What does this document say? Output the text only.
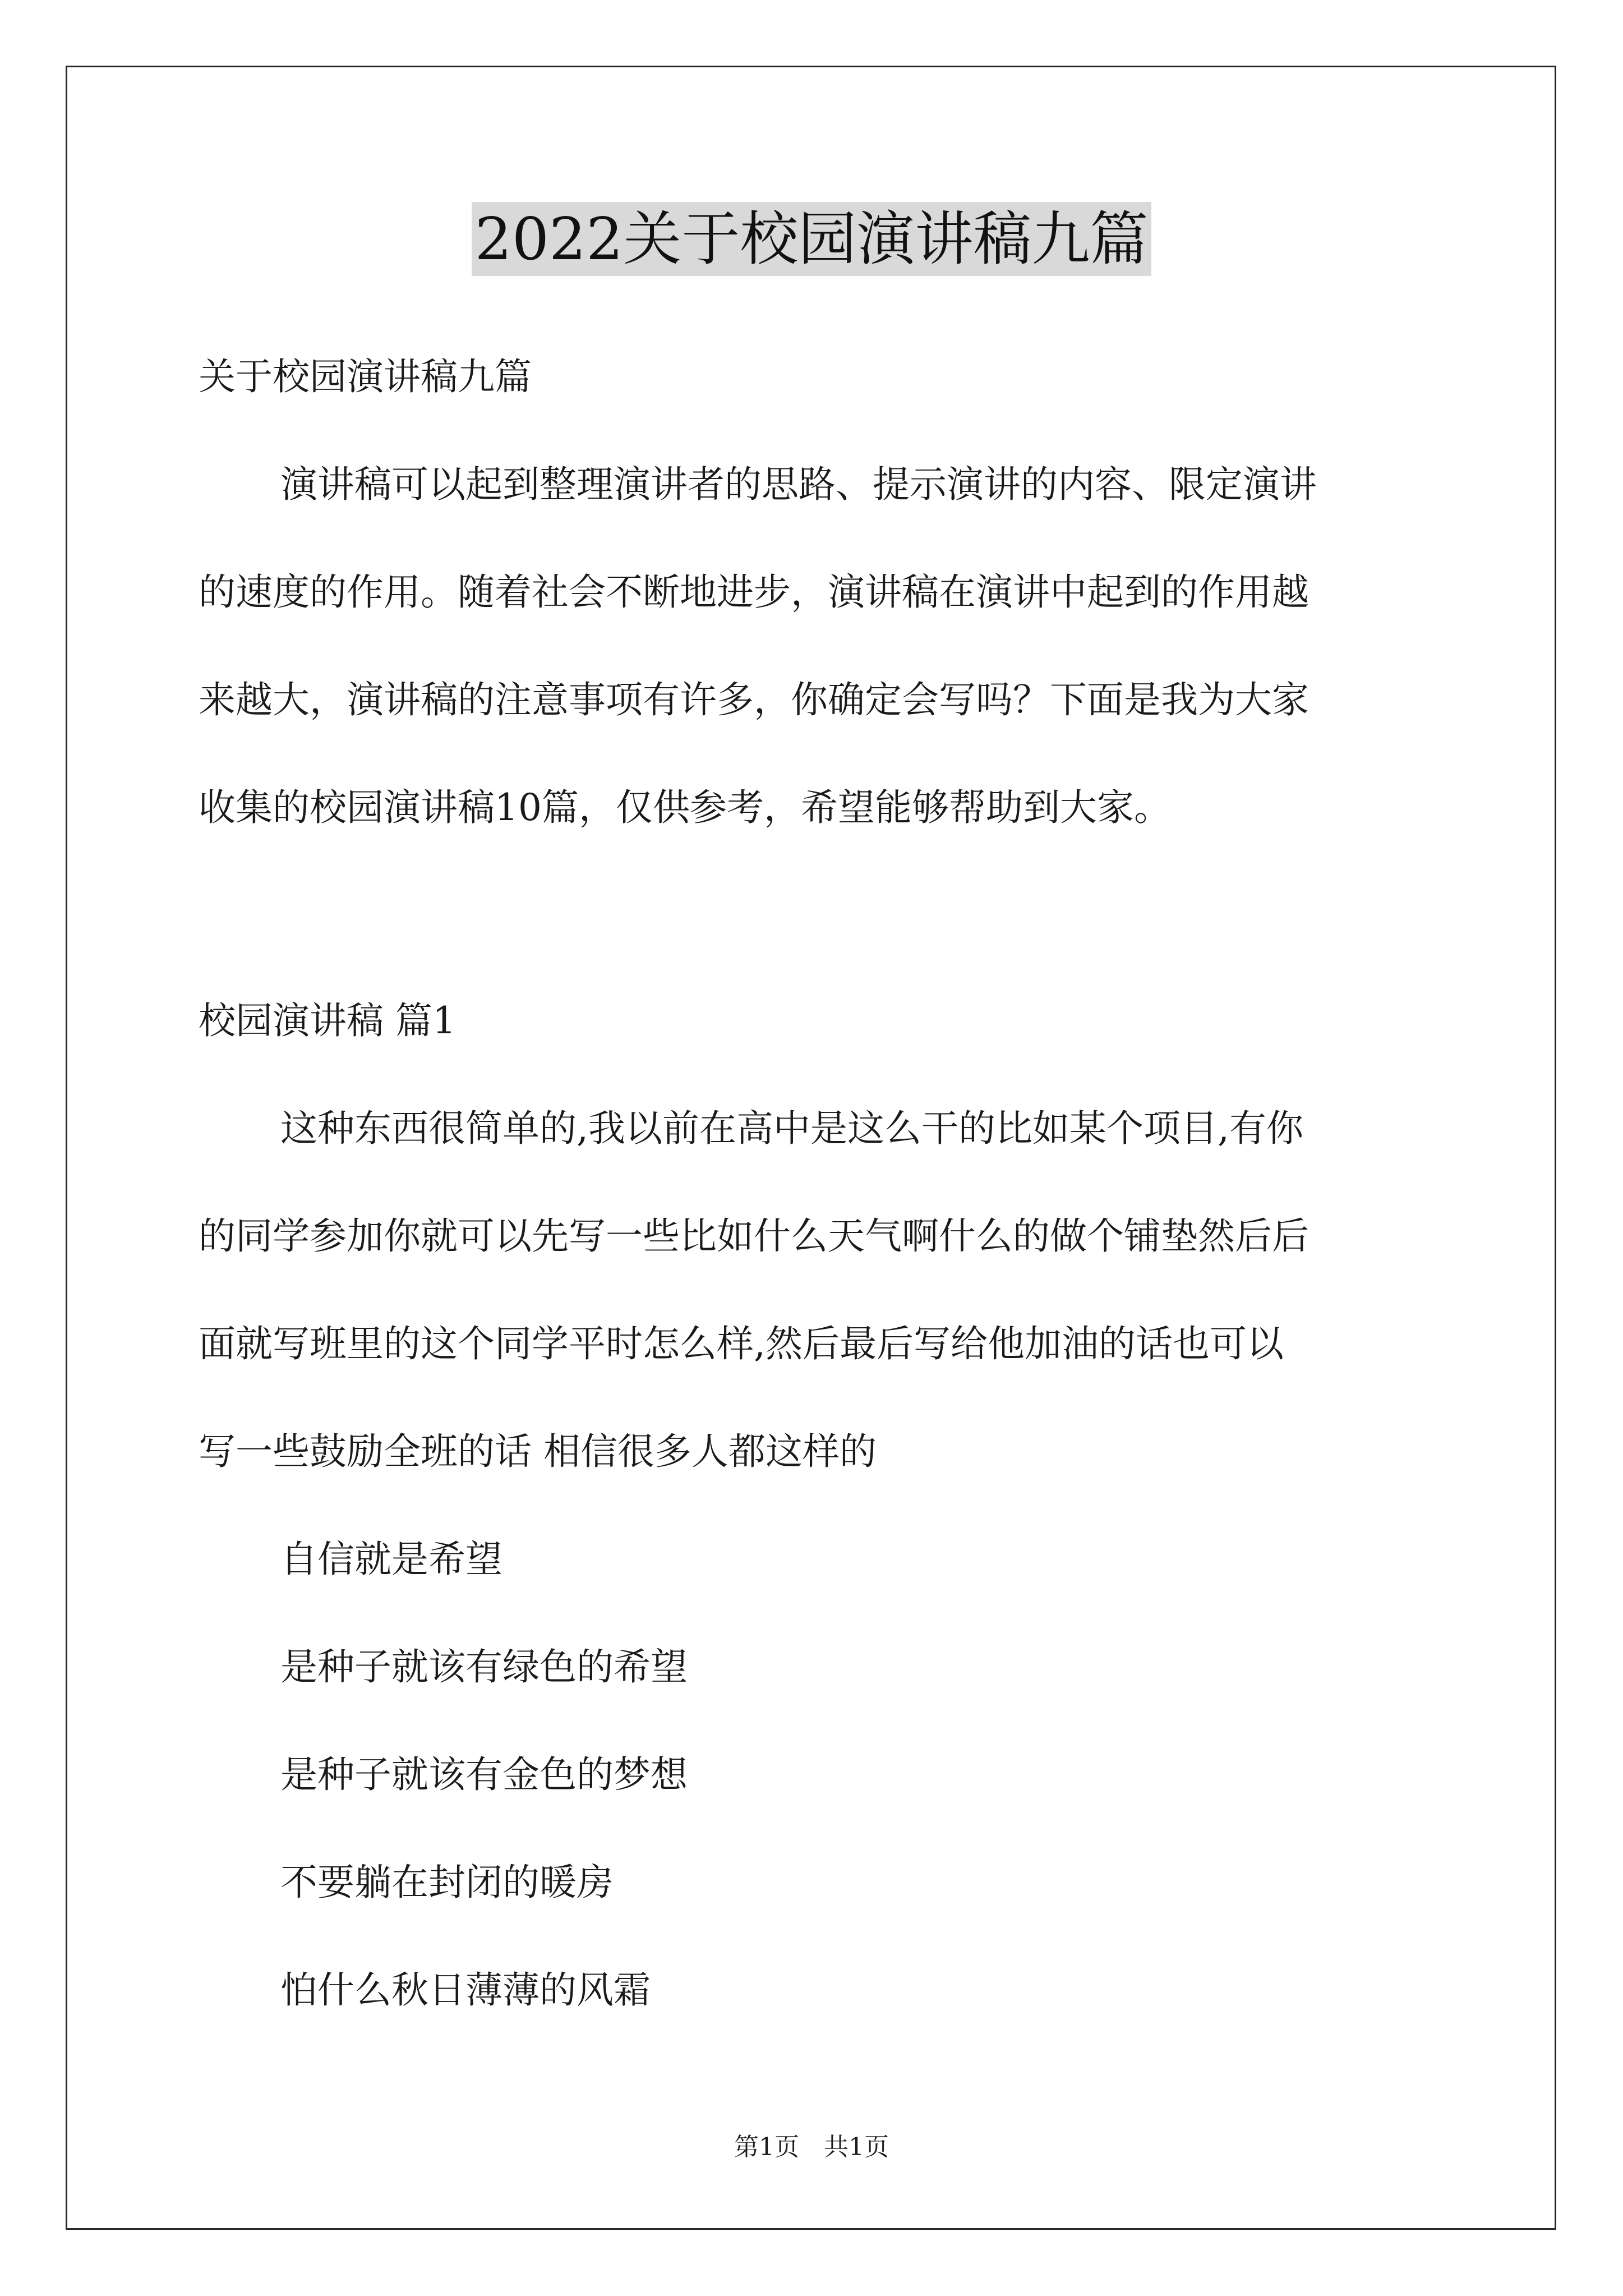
2022关于校园演讲稿九篇
关于校园演讲稿九篇
演讲稿可以起到整理演讲者的思路、提示演讲的内容、限定演讲
的速度的作用。随着社会不断地进步，演讲稿在演讲中起到的作用越
来越大，演讲稿的注意事项有许多，你确定会写吗？下面是我为大家
收集的校园演讲稿10篇，仅供参考，希望能够帮助到大家。
校园演讲稿 篇1
这种东西很简单的,我以前在高中是这么干的比如某个项目,有你
的同学参加你就可以先写一些比如什么天气啊什么的做个铺垫然后后
面就写班里的这个同学平时怎么样,然后最后写给他加油的话也可以
写一些鼓励全班的话 相信很多人都这样的
自信就是希望
是种子就该有绿色的希望
是种子就该有金色的梦想
不要躺在封闭的暖房
怕什么秋日薄薄的风霜
第1页　共1页
